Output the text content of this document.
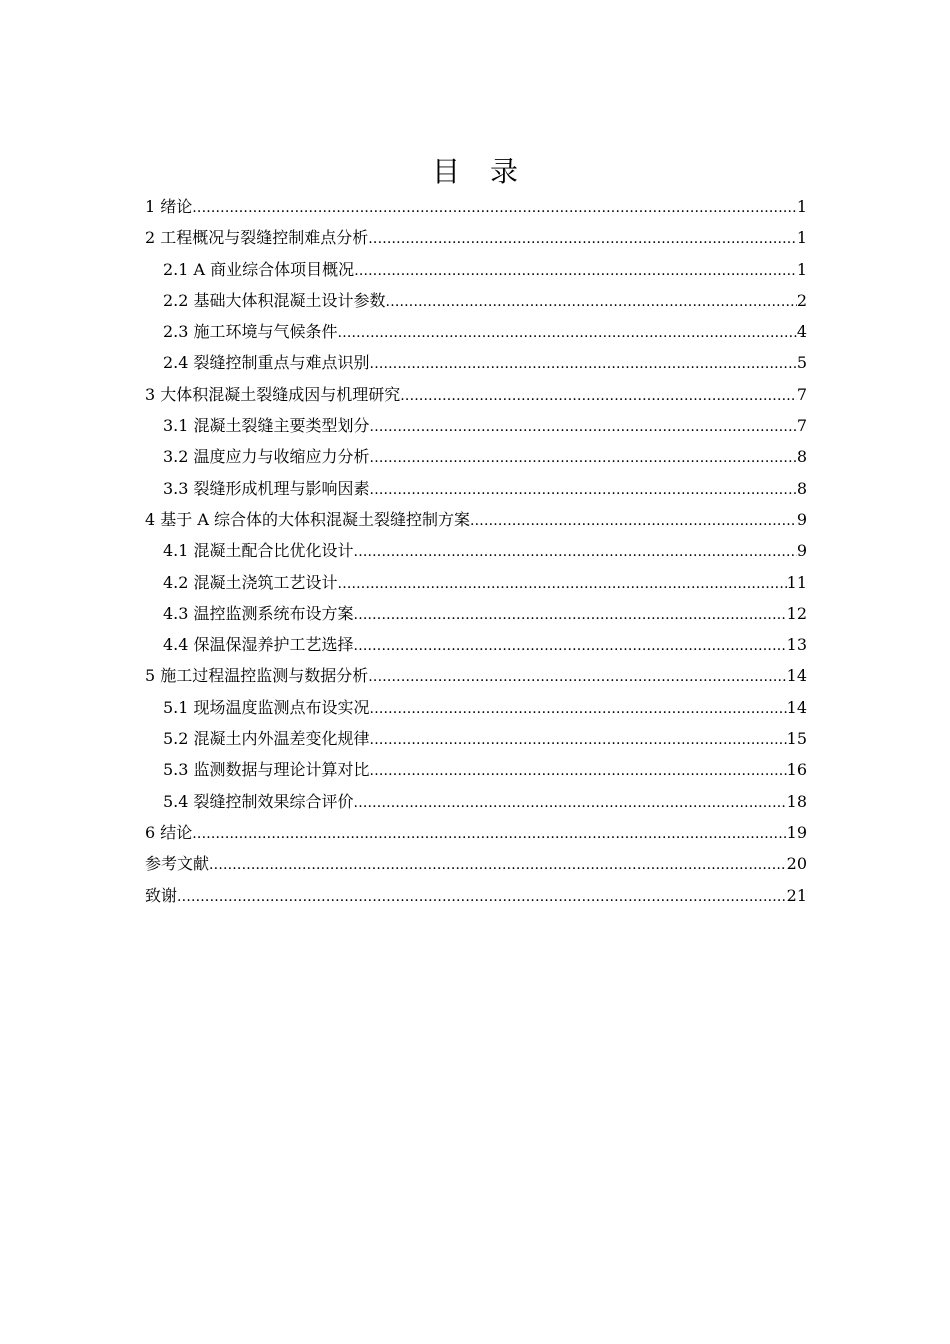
目 录
1 绪论 .....	1
2 工程概况与裂缝控制难点分析 .....	1
2.1 A 商业综合体项目概况 .....	1
2.2 基础大体积混凝土设计参数 .....	2
2.3 施工环境与气候条件 .....	4
2.4 裂缝控制重点与难点识别 .....	5
3 大体积混凝土裂缝成因与机理研究 .....	7
3.1 混凝土裂缝主要类型划分 .....	7
3.2 温度应力与收缩应力分析 .....	8
3.3 裂缝形成机理与影响因素 .....	8
4 基于 A 综合体的大体积混凝土裂缝控制方案 .....	9
4.1 混凝土配合比优化设计 .....	9
4.2 混凝土浇筑工艺设计 .....	11
4.3 温控监测系统布设方案 .....	12
4.4 保温保湿养护工艺选择 .....	13
5 施工过程温控监测与数据分析 .....	14
5.1 现场温度监测点布设实况 .....	14
5.2 混凝土内外温差变化规律 .....	15
5.3 监测数据与理论计算对比 .....	16
5.4 裂缝控制效果综合评价 .....	18
6 结论 .....	19
参考文献 .....	20
致谢 .....	21
